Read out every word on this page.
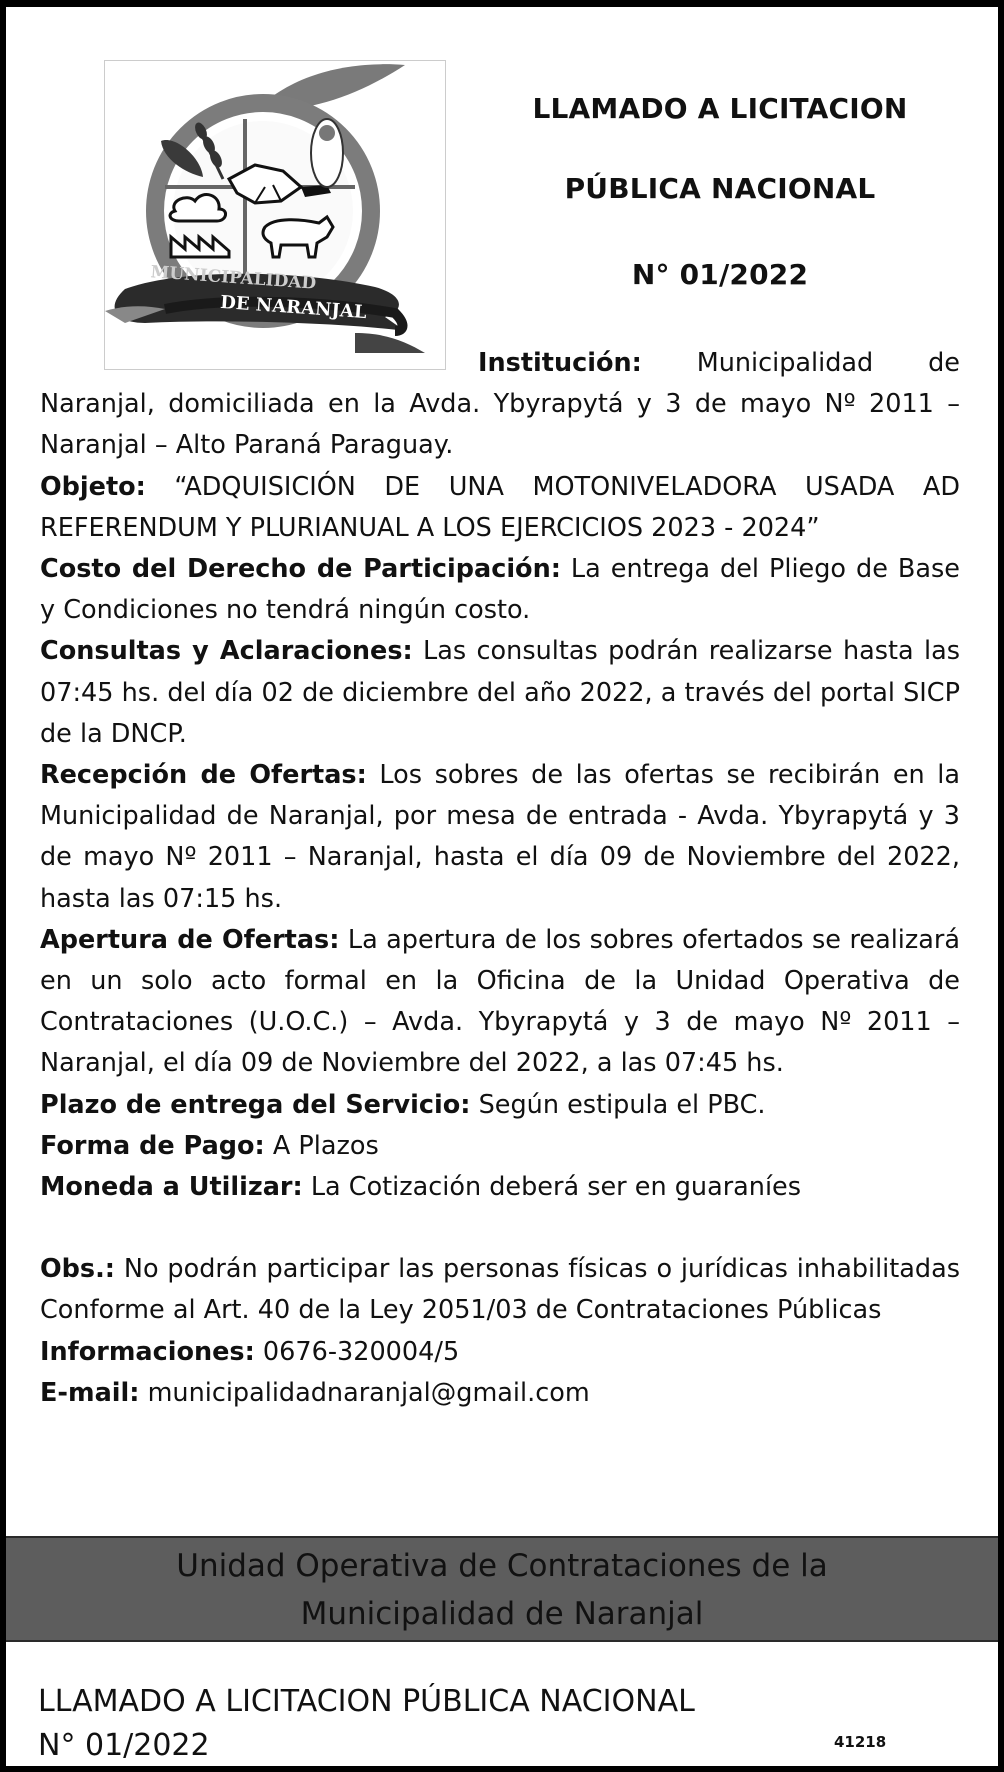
MUNICIPALIDAD
DE NARANJAL
LLAMADO A LICITACION
PÚBLICA NACIONAL
N° 01/2022

Institución: Municipalidad de Naranjal, domiciliada en la Avda. Ybyrapytá y 3 de mayo Nº 2011 – Naranjal – Alto Paraná Paraguay.

Objeto: “ADQUISICIÓN DE UNA MOTONIVELADORA USADA AD REFERENDUM Y PLURIANUAL A LOS EJERCICIOS 2023 - 2024”

Costo del Derecho de Participación: La entrega del Pliego de Base y Condiciones no tendrá ningún costo.

Consultas y Aclaraciones: Las consultas podrán realizarse hasta las 07:45 hs. del día 02 de diciembre del año 2022, a través del portal SICP de la DNCP.

Recepción de Ofertas: Los sobres de las ofertas se recibirán en la Municipalidad de Naranjal, por mesa de entrada - Avda. Ybyrapytá y 3 de mayo Nº 2011 – Naranjal, hasta el día 09 de Noviembre del 2022, hasta las 07:15 hs.

Apertura de Ofertas: La apertura de los sobres ofertados se realizará en un solo acto formal en la Oficina de la Unidad Operativa de Contrataciones (U.O.C.) – Avda. Ybyrapytá y 3 de mayo Nº 2011 – Naranjal, el día 09 de Noviembre del 2022, a las 07:45 hs.

Plazo de entrega del Servicio: Según estipula el PBC.

Forma de Pago: A Plazos

Moneda a Utilizar: La Cotización deberá ser en guaraníes

Obs.: No podrán participar las personas físicas o jurídicas inhabilitadas Conforme al Art. 40 de la Ley 2051/03 de Contrataciones Públicas

Informaciones: 0676-320004/5

E-mail: municipalidadnaranjal@gmail.com

Unidad Operativa de Contrataciones de la
Municipalidad de Naranjal
LLAMADO A LICITACION PÚBLICA NACIONAL
N° 01/2022	41218
